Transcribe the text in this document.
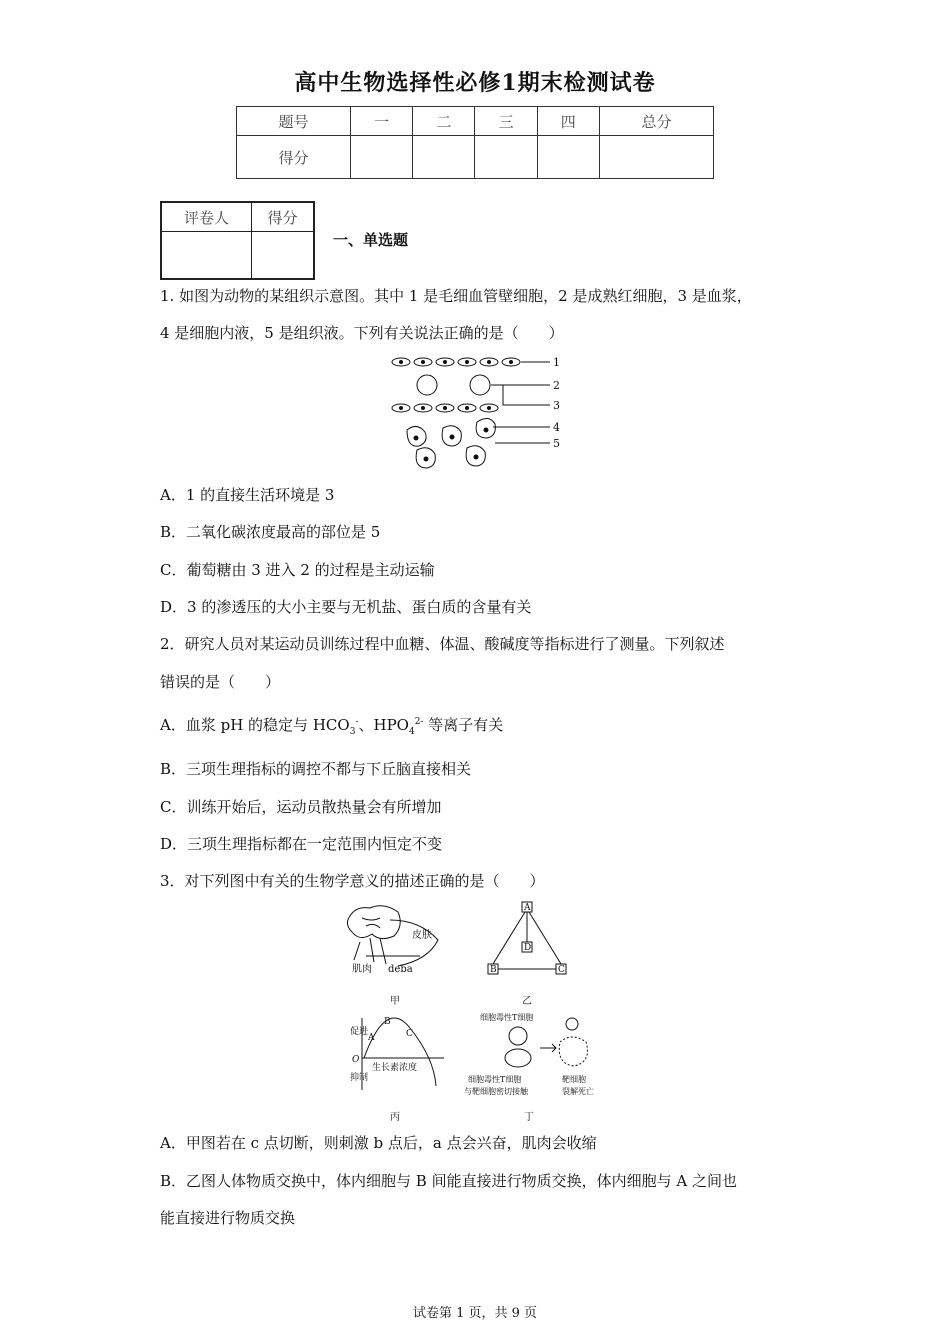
高中生物选择性必修1期末检测试卷
题号	一	二	三	四	总分
得分					
评卷人	得分

一、单选题
1. 如图为动物的某组织示意图。其中 1 是毛细血管壁细胞，2 是成熟红细胞，3 是血浆，
4 是细胞内液，5 是组织液。下列有关说法正确的是（　　）
1
2
3
4
5
A．1 的直接生活环境是 3
B．二氧化碳浓度最高的部位是 5
C．葡萄糖由 3 进入 2 的过程是主动运输
D．3 的渗透压的大小主要与无机盐、蛋白质的含量有关
2．研究人员对某运动员训练过程中血糖、体温、酸碱度等指标进行了测量。下列叙述
错误的是（　　）
A．血浆 pH 的稳定与 $HCO_3^-$、$HPO_4^{2-}$ 等离子有关
B．三项生理指标的调控不都与下丘脑直接相关
C．训练开始后，运动员散热量会有所增加
D．三项生理指标都在一定范围内恒定不变
3．对下列图中有关的生物学意义的描述正确的是（　　）
皮肤
肌肉 deba
甲
A
D
B	C
乙
促进
O
抑制
A
B
C
生长素浓度
丙
细胞毒性T细胞
细胞毒性T细胞
与靶细胞密切接触
靶细胞
裂解死亡
丁
A．甲图若在 c 点切断，则刺激 b 点后，a 点会兴奋，肌肉会收缩
B．乙图人体物质交换中，体内细胞与 B 间能直接进行物质交换，体内细胞与 A 之间也
能直接进行物质交换
试卷第 1 页，共 9 页
